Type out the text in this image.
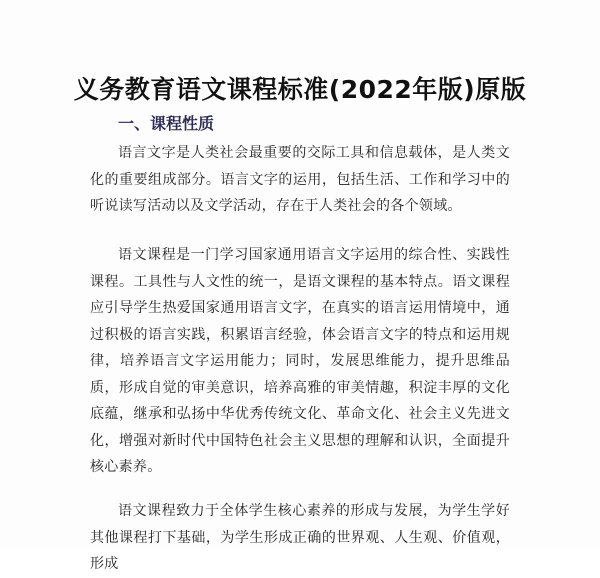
义务教育语文课程标准(2022年版)原版
一、课程性质

语言文字是人类社会最重要的交际工具和信息载体，是人类文化的重要组成部分。语言文字的运用，包括生活、工作和学习中的听说读写活动以及文学活动，存在于人类社会的各个领域。

语文课程是一门学习国家通用语言文字运用的综合性、实践性课程。工具性与人文性的统一，是语文课程的基本特点。语文课程应引导学生热爱国家通用语言文字，在真实的语言运用情境中，通过积极的语言实践，积累语言经验，体会语言文字的特点和运用规律，培养语言文字运用能力；同时，发展思维能力，提升思维品质，形成自觉的审美意识，培养高雅的审美情趣，积淀丰厚的文化底蕴，继承和弘扬中华优秀传统文化、革命文化、社会主义先进文化，增强对新时代中国特色社会主义思想的理解和认识，全面提升核心素养。

语文课程致力于全体学生核心素养的形成与发展，为学生学好其他课程打下基础，为学生形成正确的世界观、人生观、价值观，形成
